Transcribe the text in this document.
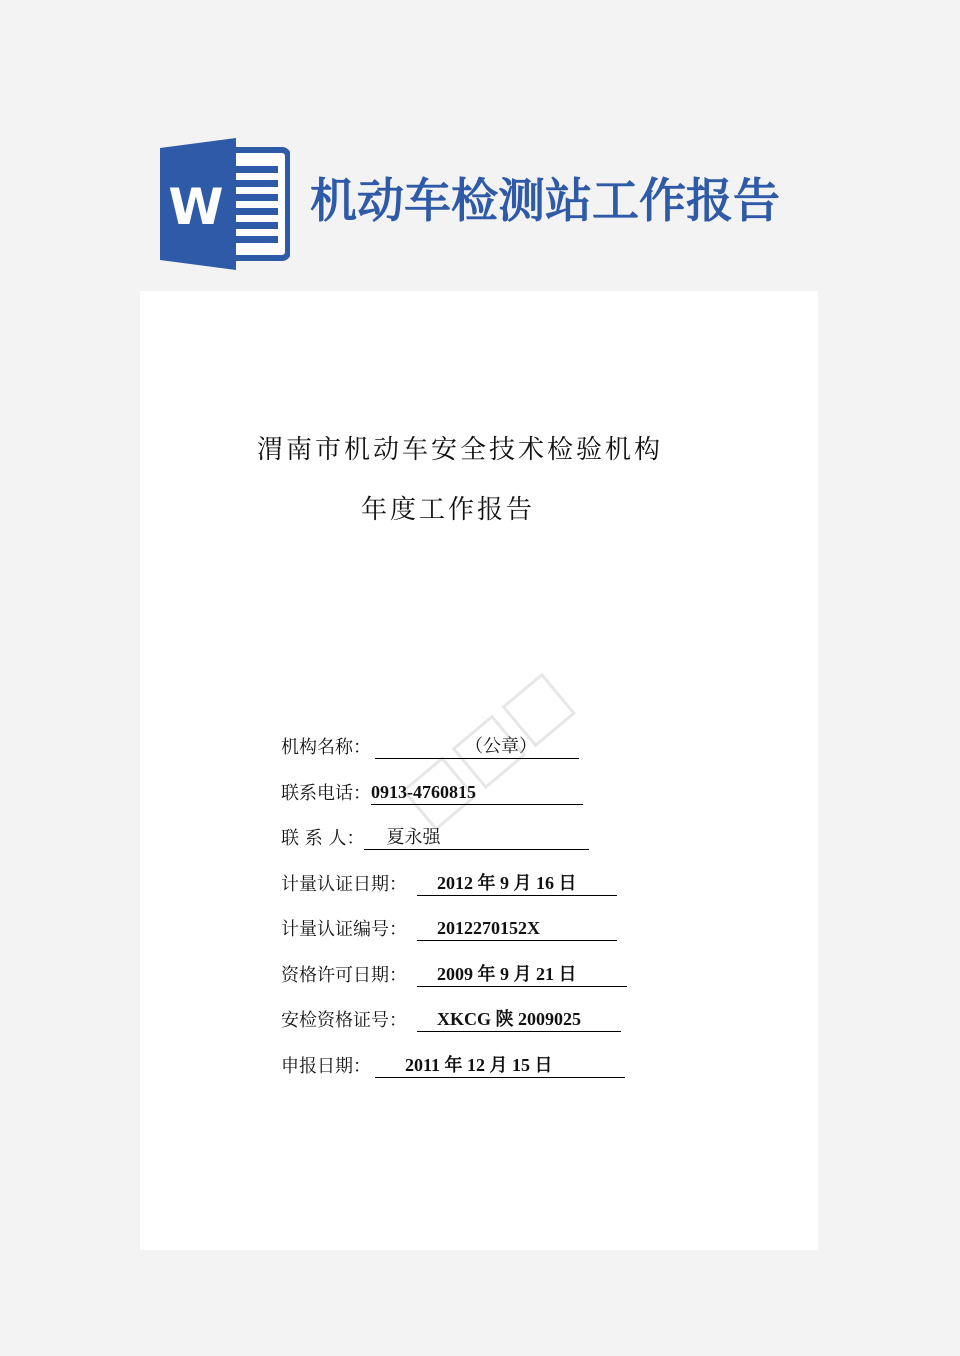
W 机动车检测站工作报告
渭南市机动车安全技术检验机构
年度工作报告
机构名称：	（公章）
联系电话：0913-4760815
联 系 人： 夏永强
计量认证日期： 2012 年 9 月 16 日
计量认证编号： 2012270152X
资格许可日期： 2009 年 9 月 21 日
安检资格证号： XKCG 陕 2009025
申报日期： 2011 年 12 月 15 日
